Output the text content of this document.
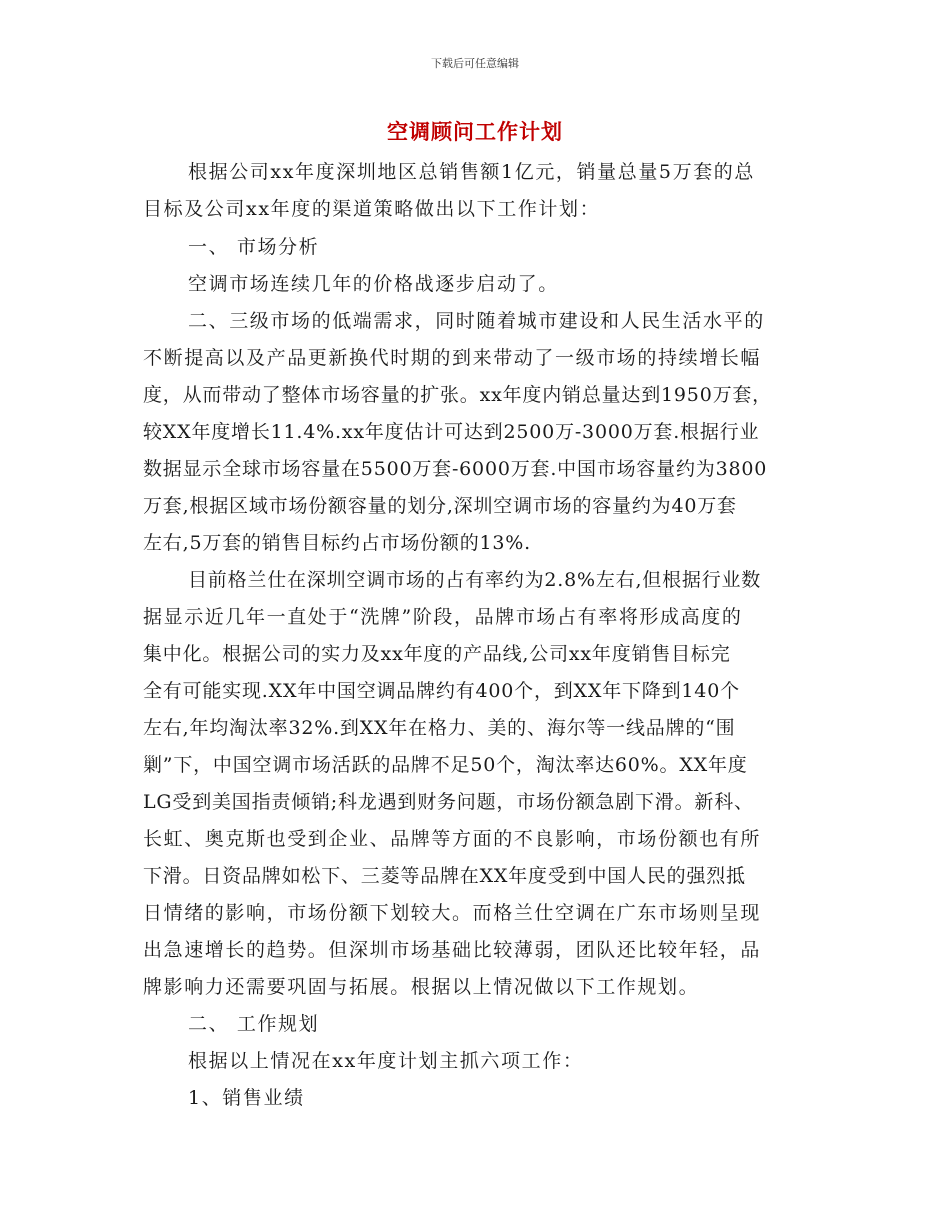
下载后可任意编辑
空调顾问工作计划
根据公司xx年度深圳地区总销售额1亿元，销量总量5万套的总
目标及公司xx年度的渠道策略做出以下工作计划：
一、 市场分析
空调市场连续几年的价格战逐步启动了。
二、三级市场的低端需求，同时随着城市建设和人民生活水平的
不断提高以及产品更新换代时期的到来带动了一级市场的持续增长幅
度，从而带动了整体市场容量的扩张。xx年度内销总量达到1950万套，
较XX年度增长11.4%.xx年度估计可达到2500万-3000万套.根据行业
数据显示全球市场容量在5500万套-6000万套.中国市场容量约为3800
万套,根据区域市场份额容量的划分,深圳空调市场的容量约为40万套
左右,5万套的销售目标约占市场份额的13%.
目前格兰仕在深圳空调市场的占有率约为2.8%左右,但根据行业数
据显示近几年一直处于“洗牌”阶段，品牌市场占有率将形成高度的
集中化。根据公司的实力及xx年度的产品线,公司xx年度销售目标完
全有可能实现.XX年中国空调品牌约有400个，到XX年下降到140个
左右,年均淘汰率32%.到XX年在格力、美的、海尔等一线品牌的“围
剿”下，中国空调市场活跃的品牌不足50个，淘汰率达60%。XX年度
LG受到美国指责倾销;科龙遇到财务问题，市场份额急剧下滑。新科、
长虹、奥克斯也受到企业、品牌等方面的不良影响，市场份额也有所
下滑。日资品牌如松下、三菱等品牌在XX年度受到中国人民的强烈抵
日情绪的影响，市场份额下划较大。而格兰仕空调在广东市场则呈现
出急速增长的趋势。但深圳市场基础比较薄弱，团队还比较年轻，品
牌影响力还需要巩固与拓展。根据以上情况做以下工作规划。
二、 工作规划
根据以上情况在xx年度计划主抓六项工作：
1、销售业绩
